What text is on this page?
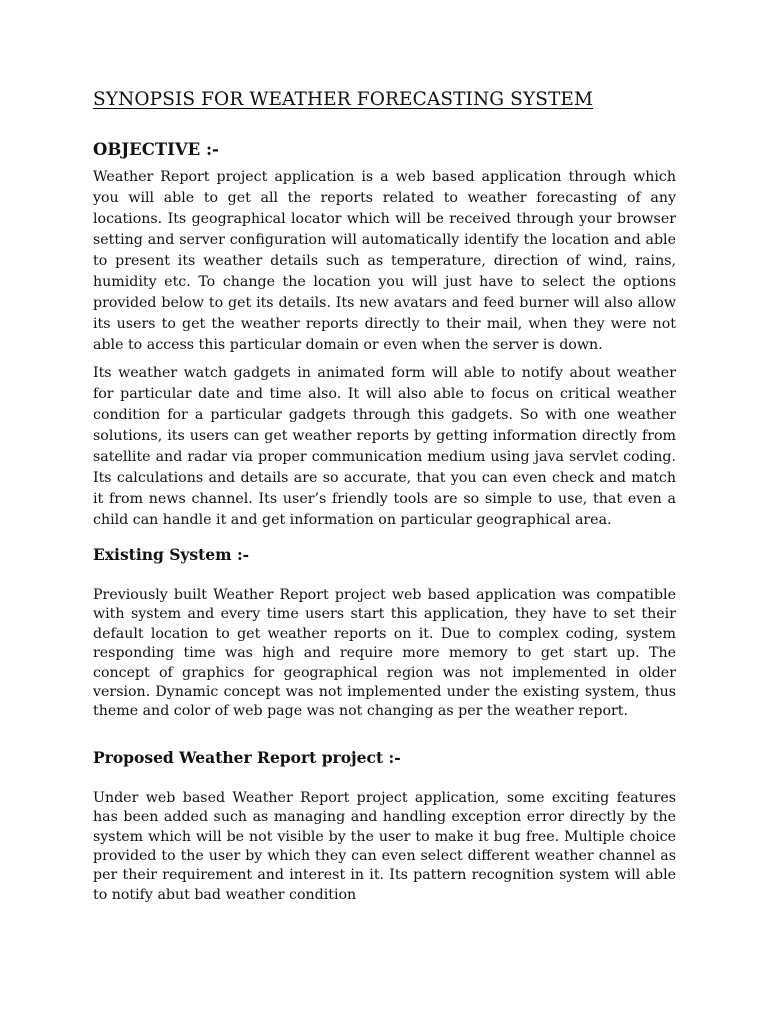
SYNOPSIS FOR WEATHER FORECASTING SYSTEM
OBJECTIVE :-

Weather Report project application is a web based application through which you will able to get all the reports related to weather forecasting of any locations. Its geographical locator which will be received through your browser setting and server configuration will automatically identify the location and able to present its weather details such as temperature, direction of wind, rains, humidity etc. To change the location you will just have to select the options provided below to get its details. Its new avatars and feed burner will also allow its users to get the weather reports directly to their mail, when they were not able to access this particular domain or even when the server is down.

Its weather watch gadgets in animated form will able to notify about weather for particular date and time also. It will also able to focus on critical weather condition for a particular gadgets through this gadgets. So with one weather solutions, its users can get weather reports by getting information directly from satellite and radar via proper communication medium using java servlet coding. Its calculations and details are so accurate, that you can even check and match it from news channel. Its user’s friendly tools are so simple to use, that even a child can handle it and get information on particular geographical area.

Existing System :-

Previously built Weather Report project web based application was compatible with system and every time users start this application, they have to set their default location to get weather reports on it. Due to complex coding, system responding time was high and require more memory to get start up. The concept of graphics for geographical region was not implemented in older version. Dynamic concept was not implemented under the existing system, thus theme and color of web page was not changing as per the weather report.

Proposed Weather Report project :-

Under web based Weather Report project application, some exciting features has been added such as managing and handling exception error directly by the system which will be not visible by the user to make it bug free. Multiple choice provided to the user by which they can even select different weather channel as per their requirement and interest in it. Its pattern recognition system will able to notify abut bad weather condition
